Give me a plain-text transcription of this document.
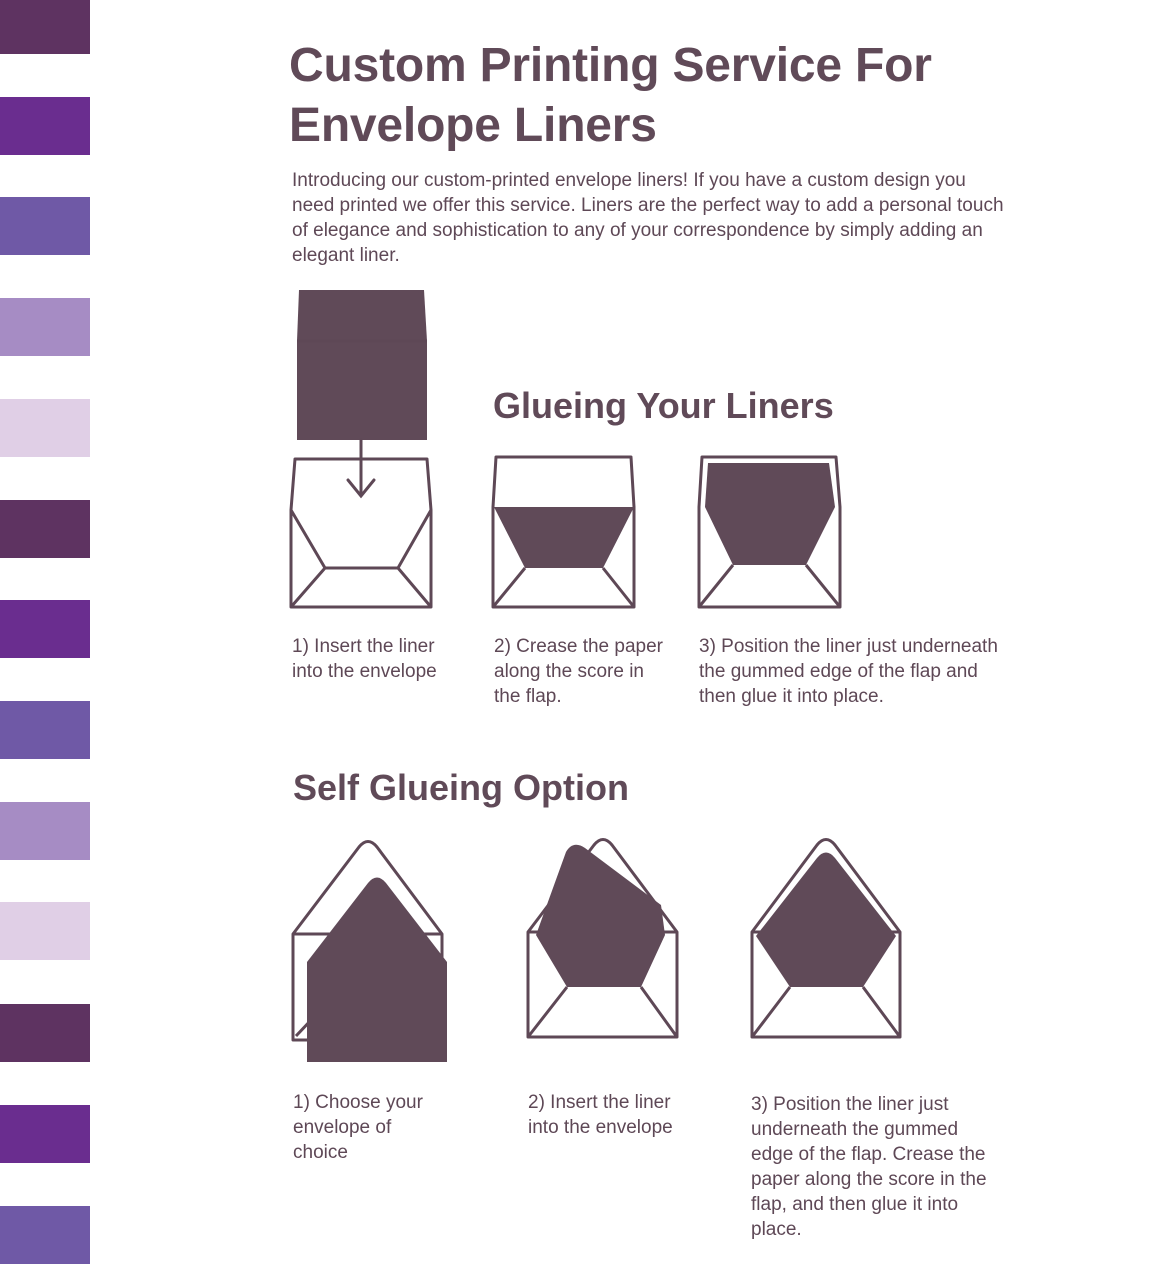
Custom Printing Service For
Envelope Liners

Introducing our custom-printed envelope liners! If you have a custom design you need printed we offer this service. Liners are the perfect way to add a personal touch of elegance and sophistication to any of your correspondence by simply adding an elegant liner.

Glueing Your Liners

1) Insert the liner into the envelope

2) Crease the paper along the score in the flap.

3) Position the liner just underneath the gummed edge of the flap and then glue it into place.

Self Glueing Option

1) Choose your envelope of choice

2) Insert the liner into the envelope

3) Position the liner just underneath the gummed edge of the flap. Crease the paper along the score in the flap, and then glue it into place.
